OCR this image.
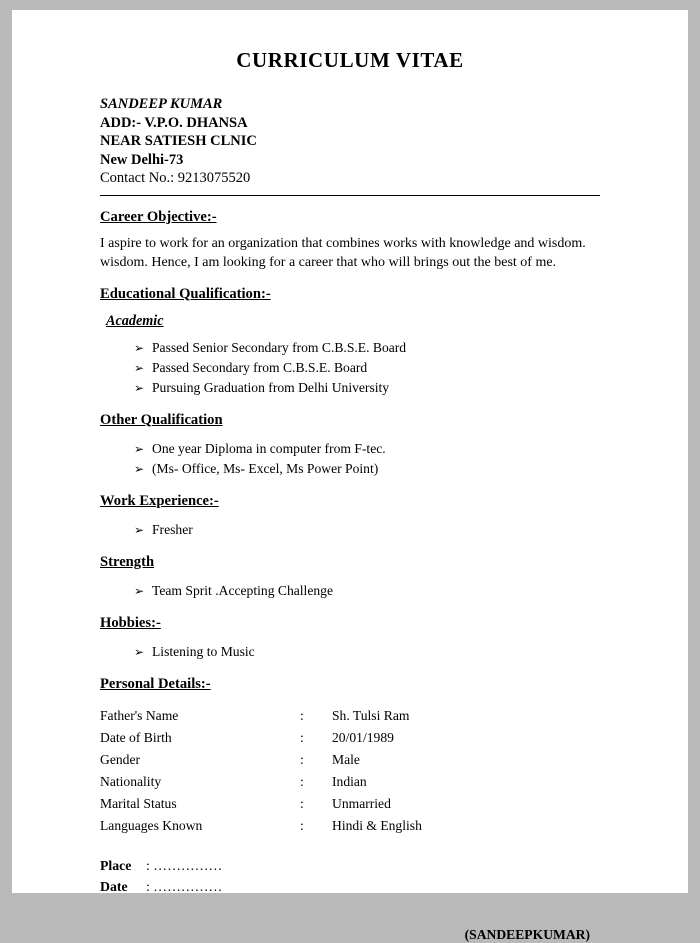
CURRICULUM VITAE
SANDEEP KUMAR
ADD:- V.P.O. DHANSA
NEAR SATIESH CLNIC
New Delhi-73
Contact No.: 9213075520
Career Objective:-
I aspire to work for an organization that combines works with knowledge and wisdom. wisdom. Hence, I am looking for a career that who will brings out the best of me.
Educational Qualification:-
Academic
➢ Passed Senior Secondary from C.B.S.E. Board
➢ Passed Secondary from C.B.S.E. Board
➢ Pursuing Graduation from Delhi University
Other Qualification
➢ One year Diploma in computer from F-tec.
➢ (Ms- Office, Ms- Excel, Ms Power Point)
Work Experience:-
➢ Fresher
Strength
➢ Team Sprit .Accepting Challenge
Hobbies:-
➢ Listening to Music
Personal Details:-
Father's Name	:	Sh. Tulsi Ram
Date of Birth	:	20/01/1989
Gender	:	Male
Nationality	:	Indian
Marital Status	:	Unmarried
Languages Known	:	Hindi & English
Place : ……………
Date : ……………
(SANDEEPKUMAR)
